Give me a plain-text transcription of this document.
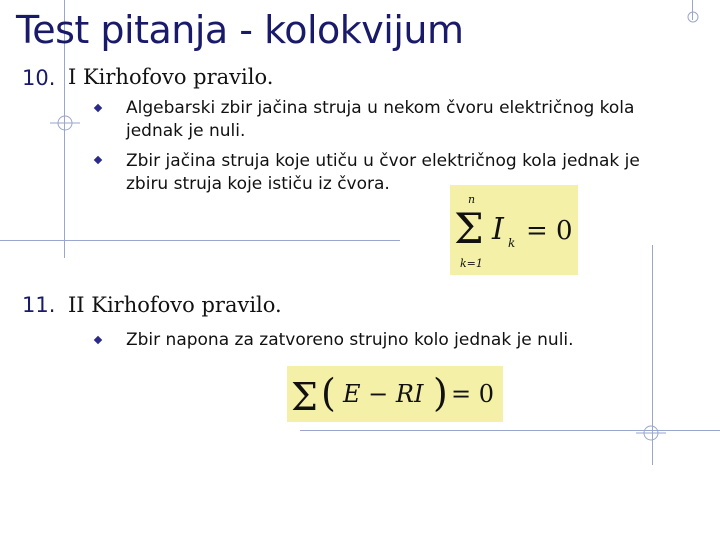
Test pitanja - kolokvijum
10. I Kirhofovo pravilo.
Algebarski zbir jačina struja u nekom čvoru električnog kola jednak je nuli.
Zbir jačina struja koje utiču u čvor električnog kola jednak je zbiru struja koje ističu iz čvora.
n
Σ
k=1
I k = 0
11. II Kirhofovo pravilo.
Zbir napona za zatvoreno strujno kolo jednak je nuli.
Σ ( E − RI ) = 0
